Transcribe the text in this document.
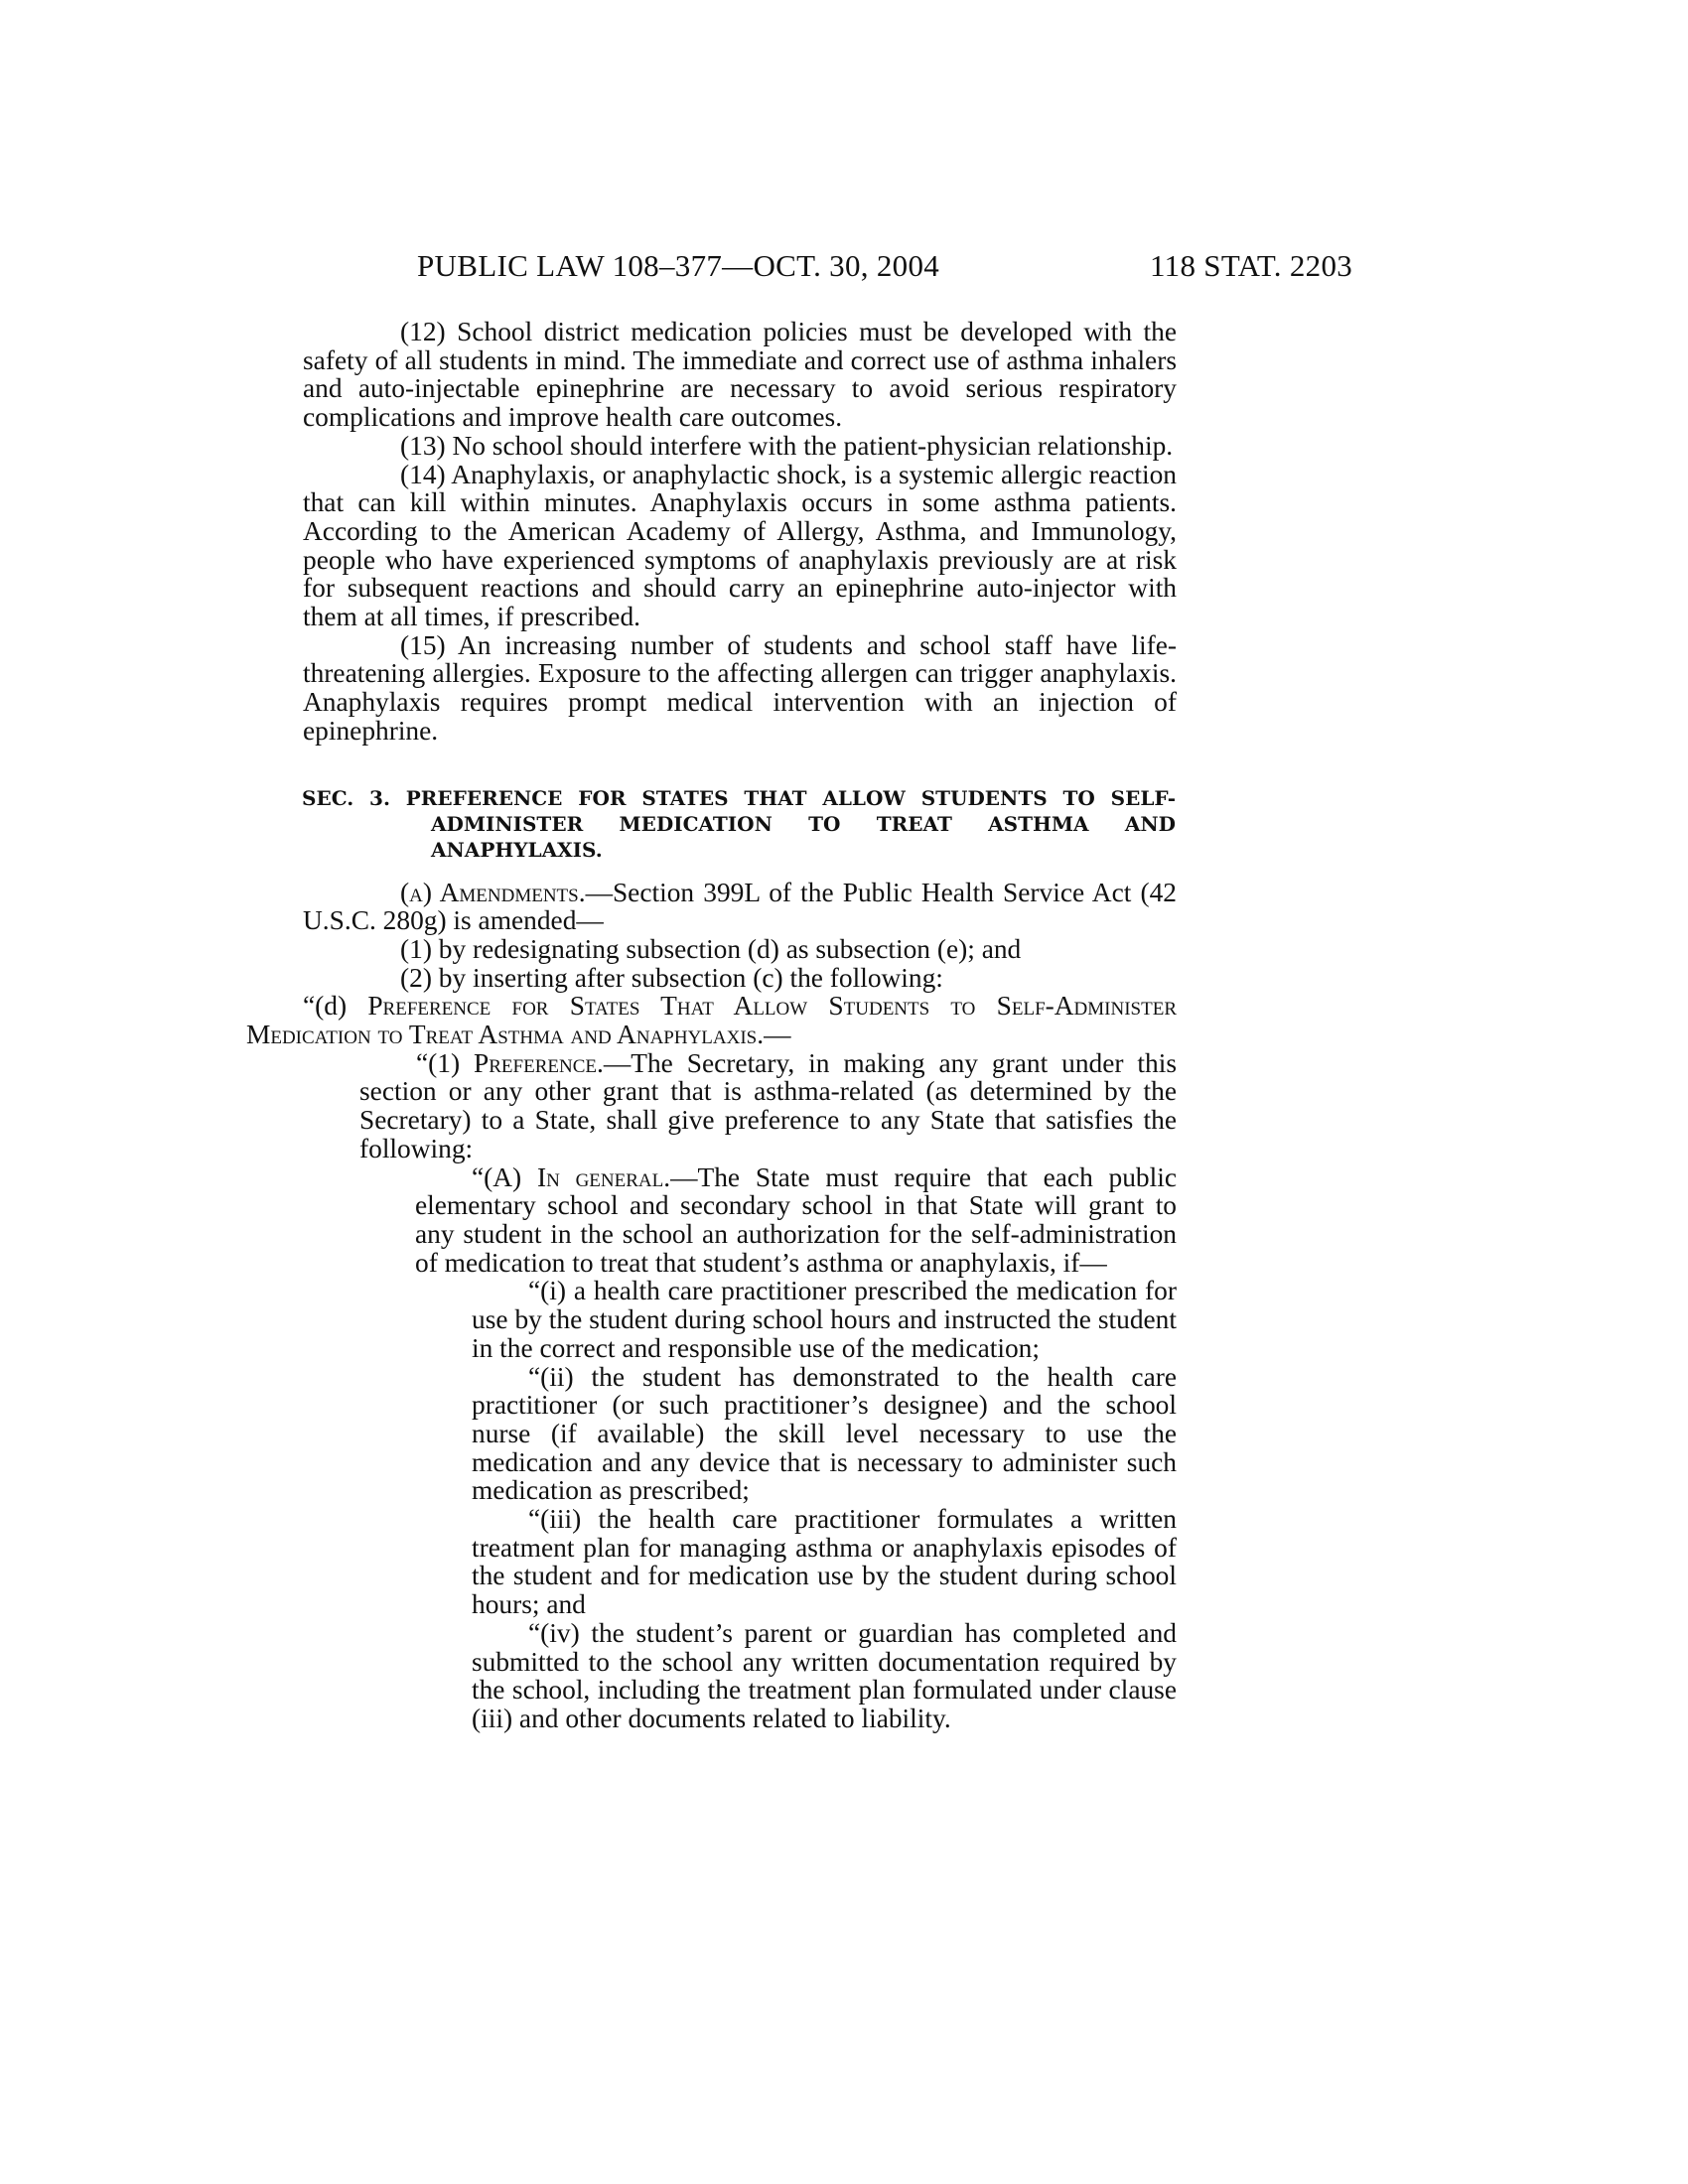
PUBLIC LAW 108–377—OCT. 30, 2004	118 STAT. 2203

(12) School district medication policies must be developed with the safety of all students in mind. The immediate and correct use of asthma inhalers and auto-injectable epinephrine are necessary to avoid serious respiratory complications and improve health care outcomes.

(13) No school should interfere with the patient-physician relationship.

(14) Anaphylaxis, or anaphylactic shock, is a systemic allergic reaction that can kill within minutes. Anaphylaxis occurs in some asthma patients. According to the American Academy of Allergy, Asthma, and Immunology, people who have experienced symptoms of anaphylaxis previously are at risk for subsequent reactions and should carry an epinephrine auto-injector with them at all times, if prescribed.

(15) An increasing number of students and school staff have life-threatening allergies. Exposure to the affecting allergen can trigger anaphylaxis. Anaphylaxis requires prompt medical intervention with an injection of epinephrine.

SEC. 3. PREFERENCE FOR STATES THAT ALLOW STUDENTS TO SELF-
ADMINISTER MEDICATION TO TREAT ASTHMA AND
ANAPHYLAXIS.

(a) Amendments.—Section 399L of the Public Health Service Act (42 U.S.C. 280g) is amended—

(1) by redesignating subsection (d) as subsection (e); and

(2) by inserting after subsection (c) the following:

“(d) Preference for States That Allow Students to Self-Administer Medication to Treat Asthma and Anaphylaxis.—

“(1) Preference.—The Secretary, in making any grant under this section or any other grant that is asthma-related (as determined by the Secretary) to a State, shall give preference to any State that satisfies the following:

“(A) In general.—The State must require that each public elementary school and secondary school in that State will grant to any student in the school an authorization for the self-administration of medication to treat that student’s asthma or anaphylaxis, if—

“(i) a health care practitioner prescribed the medication for use by the student during school hours and instructed the student in the correct and responsible use of the medication;

“(ii) the student has demonstrated to the health care practitioner (or such practitioner’s designee) and the school nurse (if available) the skill level necessary to use the medication and any device that is necessary to administer such medication as prescribed;

“(iii) the health care practitioner formulates a written treatment plan for managing asthma or anaphylaxis episodes of the student and for medication use by the student during school hours; and

“(iv) the student’s parent or guardian has completed and submitted to the school any written documentation required by the school, including the treatment plan formulated under clause (iii) and other documents related to liability.
